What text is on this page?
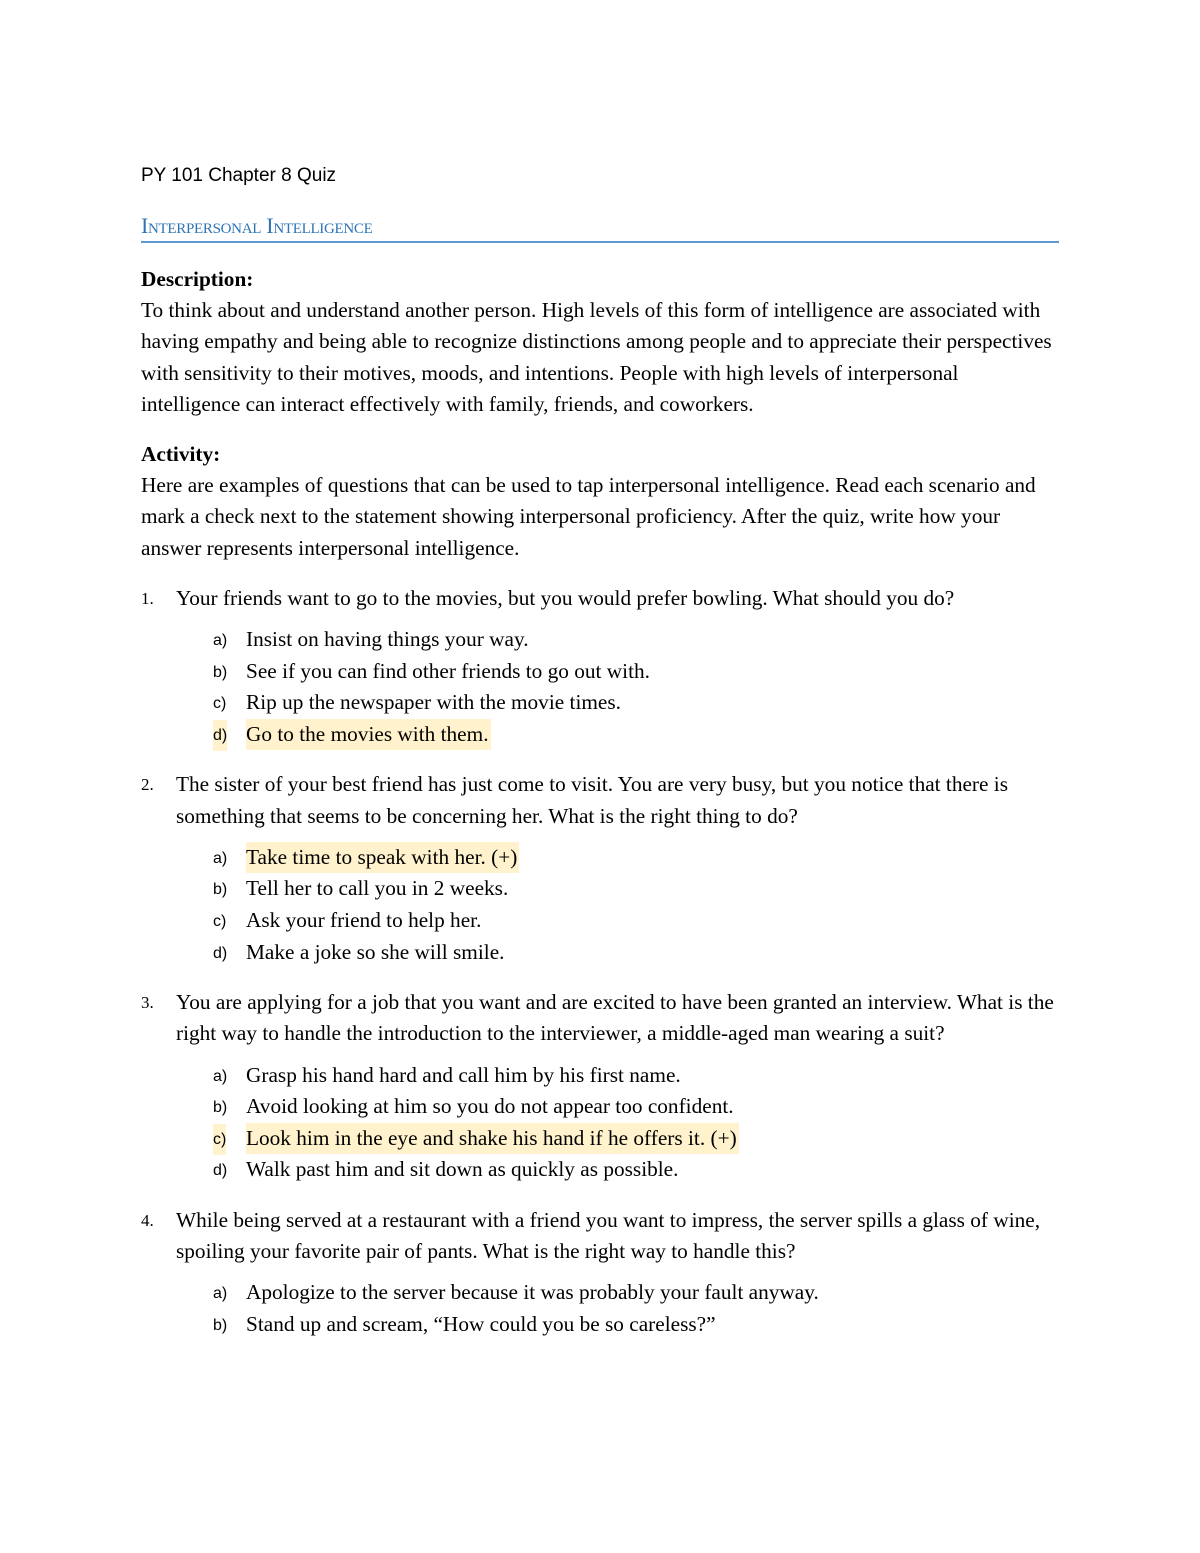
PY 101 Chapter 8 Quiz
Interpersonal Intelligence

Description:

To think about and understand another person. High levels of this form of intelligence are associated with having empathy and being able to recognize distinctions among people and to appreciate their perspectives with sensitivity to their motives, moods, and intentions. People with high levels of interpersonal intelligence can interact effectively with family, friends, and coworkers.

Activity:

Here are examples of questions that can be used to tap interpersonal intelligence. Read each scenario and mark a check next to the statement showing interpersonal proficiency. After the quiz, write how your answer represents interpersonal intelligence.

1. Your friends want to go to the movies, but you would prefer bowling. What should you do?
a) Insist on having things your way.
b) See if you can find other friends to go out with.
c) Rip up the newspaper with the movie times.
d) Go to the movies with them.
2. The sister of your best friend has just come to visit. You are very busy, but you notice that there is something that seems to be concerning her. What is the right thing to do?
a) Take time to speak with her. (+)
b) Tell her to call you in 2 weeks.
c) Ask your friend to help her.
d) Make a joke so she will smile.
3. You are applying for a job that you want and are excited to have been granted an interview. What is the right way to handle the introduction to the interviewer, a middle-aged man wearing a suit?
a) Grasp his hand hard and call him by his first name.
b) Avoid looking at him so you do not appear too confident.
c) Look him in the eye and shake his hand if he offers it. (+)
d) Walk past him and sit down as quickly as possible.
4. While being served at a restaurant with a friend you want to impress, the server spills a glass of wine, spoiling your favorite pair of pants. What is the right way to handle this?
a) Apologize to the server because it was probably your fault anyway.
b) Stand up and scream, “How could you be so careless?”
